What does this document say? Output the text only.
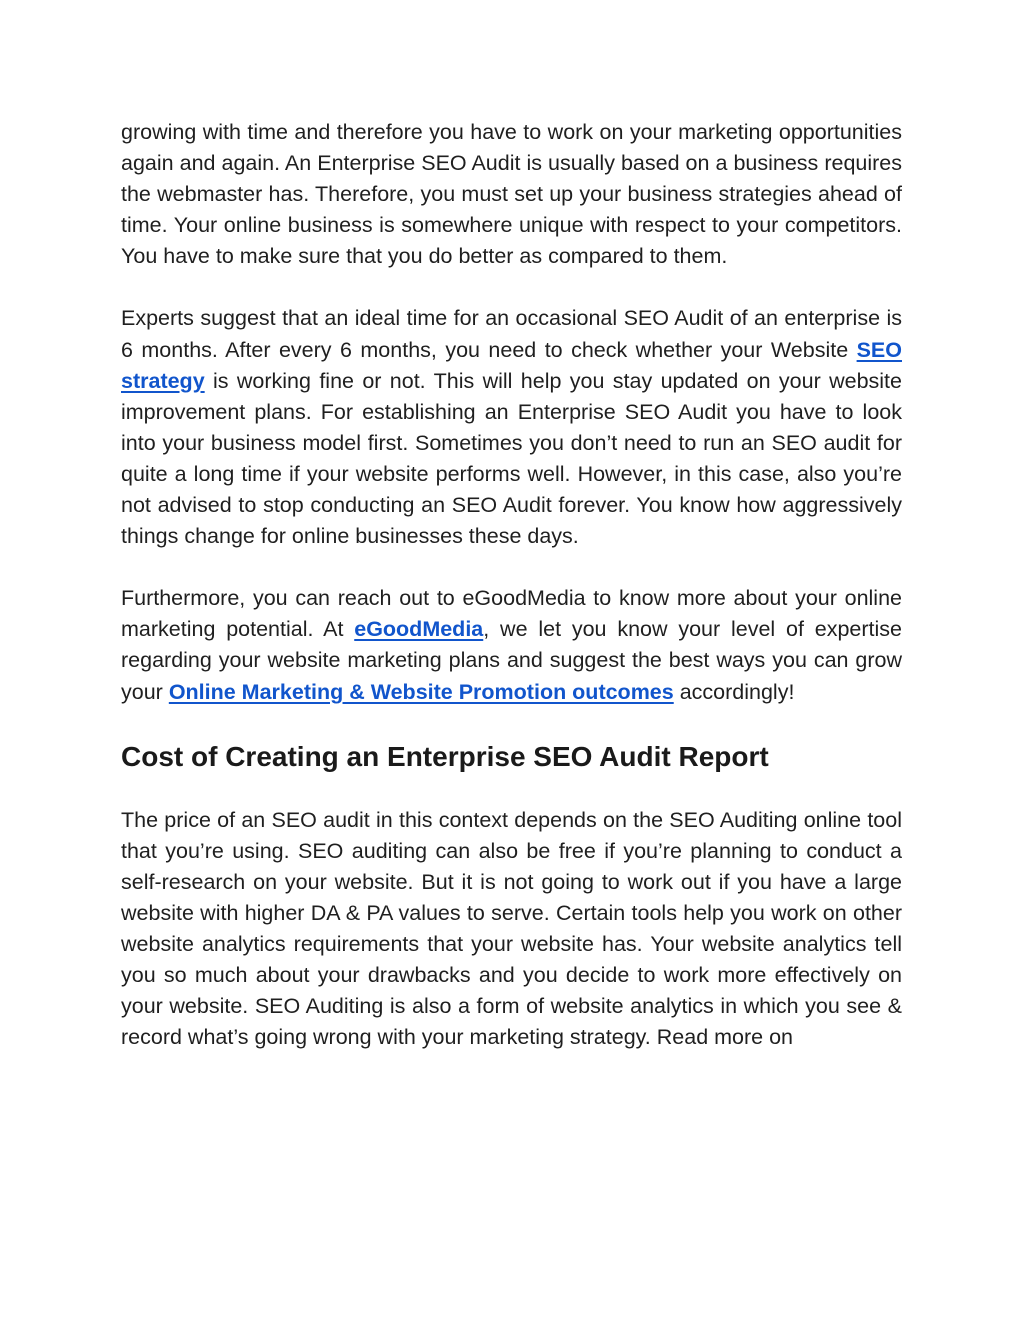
growing with time and therefore you have to work on your marketing opportunities again and again. An Enterprise SEO Audit is usually based on a business requires the webmaster has. Therefore, you must set up your business strategies ahead of time. Your online business is somewhere unique with respect to your competitors. You have to make sure that you do better as compared to them.

Experts suggest that an ideal time for an occasional SEO Audit of an enterprise is 6 months. After every 6 months, you need to check whether your Website SEO strategy is working fine or not. This will help you stay updated on your website improvement plans. For establishing an Enterprise SEO Audit you have to look into your business model first. Sometimes you don’t need to run an SEO audit for quite a long time if your website performs well. However, in this case, also you’re not advised to stop conducting an SEO Audit forever. You know how aggressively things change for online businesses these days.

Furthermore, you can reach out to eGoodMedia to know more about your online marketing potential. At eGoodMedia, we let you know your level of expertise regarding your website marketing plans and suggest the best ways you can grow your Online Marketing & Website Promotion outcomes accordingly!

Cost of Creating an Enterprise SEO Audit Report

The price of an SEO audit in this context depends on the SEO Auditing online tool that you’re using. SEO auditing can also be free if you’re planning to conduct a self-research on your website. But it is not going to work out if you have a large website with higher DA & PA values to serve. Certain tools help you work on other website analytics requirements that your website has. Your website analytics tell you so much about your drawbacks and you decide to work more effectively on your website. SEO Auditing is also a form of website analytics in which you see & record what’s going wrong with your marketing strategy. Read more on
